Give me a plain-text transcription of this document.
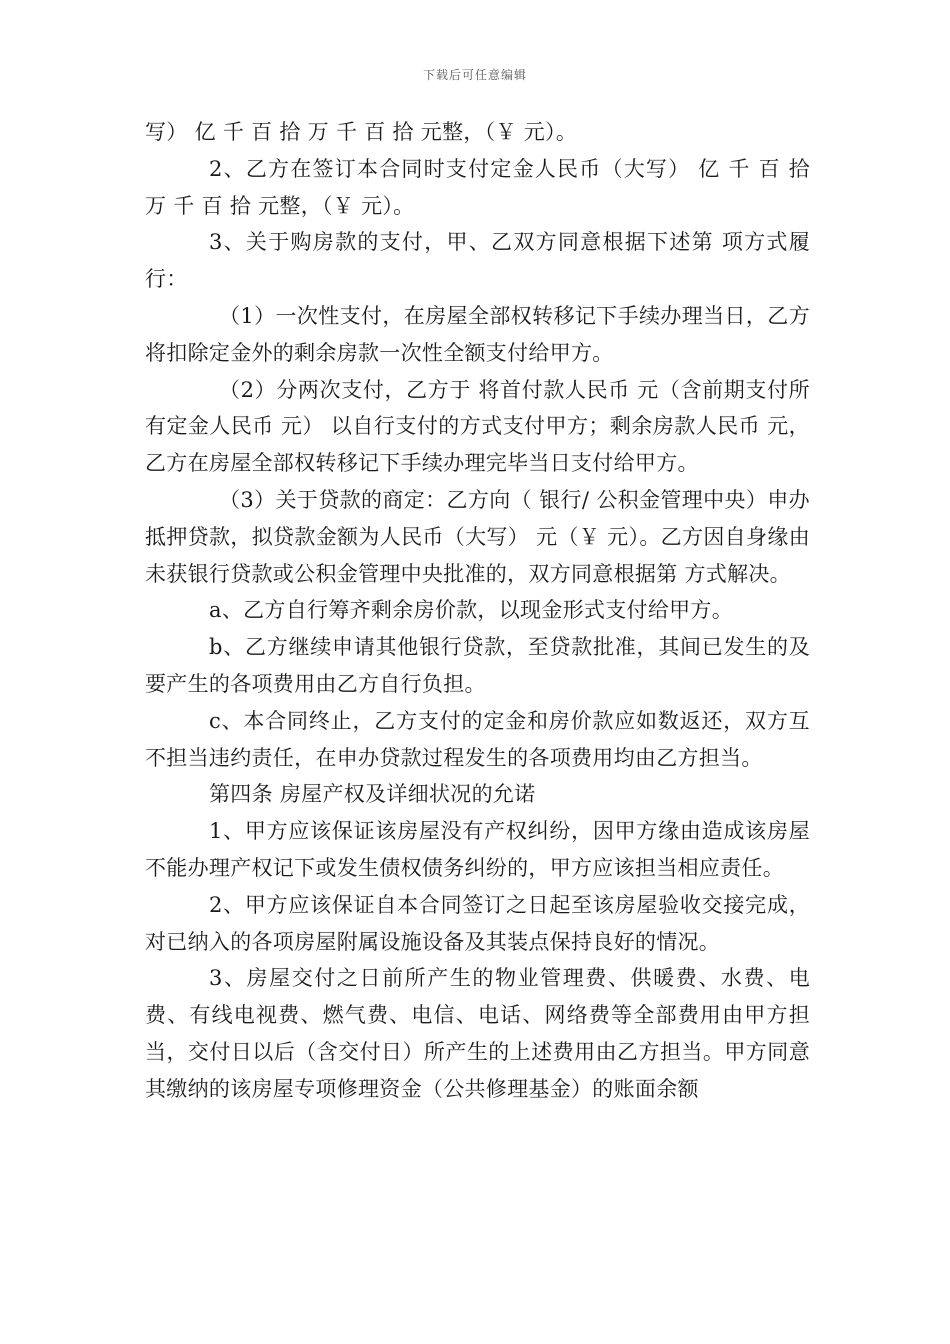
下载后可任意编辑

写） 亿 千 百 拾 万 千 百 拾 元整，（￥ 元）。

2、乙方在签订本合同时支付定金人民币（大写） 亿 千 百 拾 万 千 百 拾 元整，（￥ 元）。

3、关于购房款的支付，甲、乙双方同意根据下述第 项方式履行：

（1）一次性支付，在房屋全部权转移记下手续办理当日，乙方将扣除定金外的剩余房款一次性全额支付给甲方。

（2）分两次支付，乙方于 将首付款人民币 元（含前期支付所有定金人民币 元） 以自行支付的方式支付甲方；剩余房款人民币 元，乙方在房屋全部权转移记下手续办理完毕当日支付给甲方。

（3）关于贷款的商定：乙方向（ 银行/ 公积金管理中央）申办抵押贷款，拟贷款金额为人民币（大写） 元（￥ 元）。乙方因自身缘由未获银行贷款或公积金管理中央批准的，双方同意根据第 方式解决。

a、乙方自行筹齐剩余房价款，以现金形式支付给甲方。

b、乙方继续申请其他银行贷款，至贷款批准，其间已发生的及要产生的各项费用由乙方自行负担。

c、本合同终止，乙方支付的定金和房价款应如数返还，双方互不担当违约责任，在申办贷款过程发生的各项费用均由乙方担当。

第四条 房屋产权及详细状况的允诺

1、甲方应该保证该房屋没有产权纠纷，因甲方缘由造成该房屋不能办理产权记下或发生债权债务纠纷的，甲方应该担当相应责任。

2、甲方应该保证自本合同签订之日起至该房屋验收交接完成，对已纳入的各项房屋附属设施设备及其装点保持良好的情况。

3、房屋交付之日前所产生的物业管理费、供暖费、水费、电费、有线电视费、燃气费、电信、电话、网络费等全部费用由甲方担当，交付日以后（含交付日）所产生的上述费用由乙方担当。甲方同意其缴纳的该房屋专项修理资金（公共修理基金）的账面余额
